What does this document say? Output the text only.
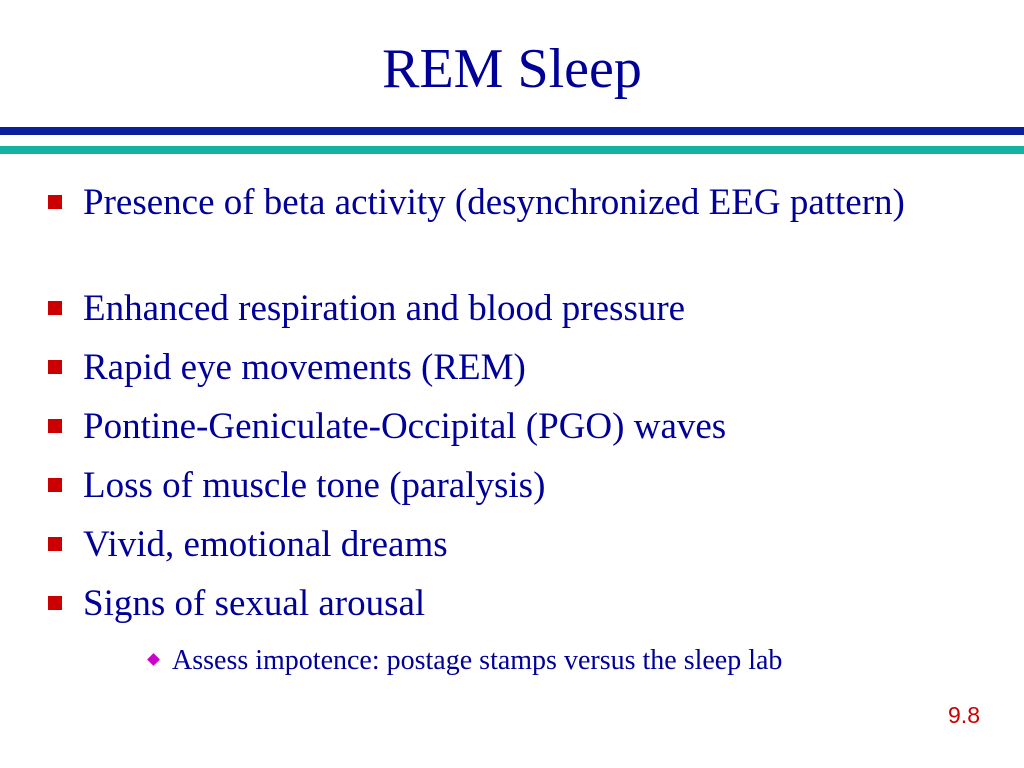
REM Sleep
Presence of beta activity (desynchronized EEG pattern)
Enhanced respiration and blood pressure
Rapid eye movements (REM)
Pontine-Geniculate-Occipital (PGO) waves
Loss of muscle tone (paralysis)
Vivid, emotional dreams
Signs of sexual arousal
Assess impotence: postage stamps versus the sleep lab
9.8
